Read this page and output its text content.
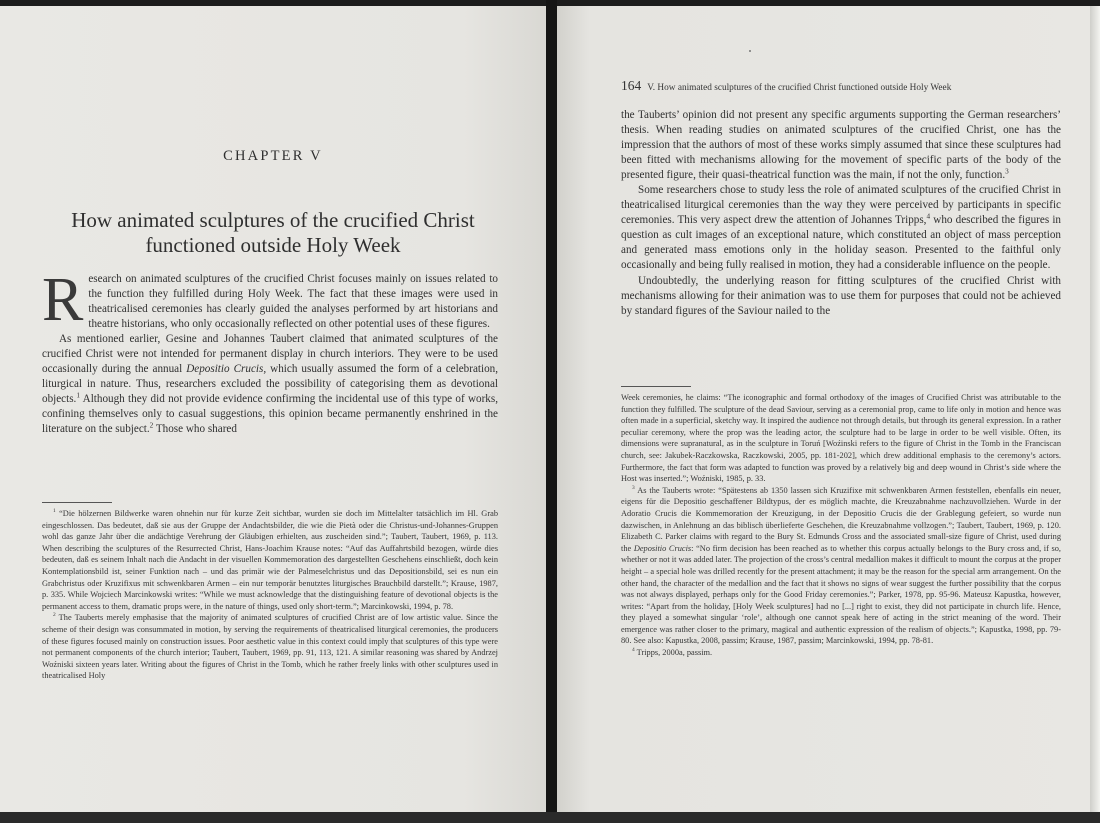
CHAPTER V
How animated sculptures of the crucified Christ functioned outside Holy Week

Research on animated sculptures of the crucified Christ focuses mainly on issues related to the function they fulfilled during Holy Week. The fact that these images were used in theatricalised ceremonies has clearly guided the analyses performed by art historians and theatre historians, who only occasionally reflected on other potential uses of these figures.

As mentioned earlier, Gesine and Johannes Taubert claimed that animated sculptures of the crucified Christ were not intended for permanent display in church interiors. They were to be used occasionally during the annual Depositio Crucis, which usually assumed the form of a celebration, liturgical in nature. Thus, researchers excluded the possibility of categorising them as devotional objects.$^1$ Although they did not provide evidence confirming the incidental use of this type of works, confining themselves only to casual suggestions, this opinion became permanently enshrined in the literature on the subject.$^2$ Those who shared

$^1$ “Die hölzernen Bildwerke waren ohnehin nur für kurze Zeit sichtbar, wurden sie doch im Mittelalter tatsächlich im Hl. Grab eingeschlossen. Das bedeutet, daß sie aus der Gruppe der Andachtsbilder, die wie die Pietà oder die Christus-und-Johannes-Gruppen wohl das ganze Jahr über die andächtige Verehrung der Gläubigen erhielten, aus zuscheiden sind.”; Taubert, Taubert, 1969, p. 113. When describing the sculptures of the Resurrected Christ, Hans-Joachim Krause notes: “Auf das Auffahrtsbild bezogen, würde dies bedeuten, daß es seinem Inhalt nach die Andacht in der visuellen Kommemoration des dargestellten Geschehens einschließt, doch kein Kontemplationsbild ist, seiner Funktion nach – und das primär wie der Palmeselchristus und das Depositionsbild, sei es nun ein Grabchristus oder Kruzifixus mit schwenkbaren Armen – ein nur temporär benutztes liturgisches Brauchbild darstellt.”; Krause, 1987, p. 335. While Wojciech Marcinkowski writes: “While we must acknowledge that the distinguishing feature of devotional objects is the permanent access to them, dramatic props were, in the nature of things, used only short-term.”; Marcinkowski, 1994, p. 78.

$^2$ The Tauberts merely emphasise that the majority of animated sculptures of crucified Christ are of low artistic value. Since the scheme of their design was consummated in motion, by serving the requirements of theatricalised liturgical ceremonies, the producers of these figures focused mainly on construction issues. Poor aesthetic value in this context could imply that sculptures of this type were not permanent components of the church interior; Taubert, Taubert, 1969, pp. 91, 113, 121. A similar reasoning was shared by Andrzej Woźniski sixteen years later. Writing about the figures of Christ in the Tomb, which he rather freely links with other sculptures used in theatricalised Holy

164 V. How animated sculptures of the crucified Christ functioned outside Holy Week

the Tauberts’ opinion did not present any specific arguments supporting the German researchers’ thesis. When reading studies on animated sculptures of the crucified Christ, one has the impression that the authors of most of these works simply assumed that since these sculptures had been fitted with mechanisms allowing for the movement of specific parts of the body of the presented figure, their quasi-theatrical function was the main, if not the only, function.$^3$

Some researchers chose to study less the role of animated sculptures of the crucified Christ in theatricalised liturgical ceremonies than the way they were perceived by participants in specific ceremonies. This very aspect drew the attention of Johannes Tripps,$^4$ who described the figures in question as cult images of an exceptional nature, which constituted an object of mass perception and generated mass emotions only in the holiday season. Presented to the faithful only occasionally and being fully realised in motion, they had a considerable influence on the people.

Undoubtedly, the underlying reason for fitting sculptures of the crucified Christ with mechanisms allowing for their animation was to use them for purposes that could not be achieved by standard figures of the Saviour nailed to the

Week ceremonies, he claims: “The iconographic and formal orthodoxy of the images of Crucified Christ was attributable to the function they fulfilled. The sculpture of the dead Saviour, serving as a ceremonial prop, came to life only in motion and hence was often made in a superficial, sketchy way. It inspired the audience not through details, but through its general expression. In a rather peculiar ceremony, where the prop was the leading actor, the sculpture had to be large in order to be well visible. Often, its dimensions were supranatural, as in the sculpture in Toruń [Woźinski refers to the figure of Christ in the Tomb in the Franciscan church, see: Jakubek-Raczkowska, Raczkowski, 2005, pp. 181-202], which drew additional emphasis to the ceremony’s actors. Furthermore, the fact that form was adapted to function was proved by a relatively big and deep wound in Christ’s side where the Host was inserted.”; Woźniski, 1985, p. 33.

$^3$ As the Tauberts wrote: “Spätestens ab 1350 lassen sich Kruzifixe mit schwenkbaren Armen feststellen, ebenfalls ein neuer, eigens für die Depositio geschaffener Bildtypus, der es möglich machte, die Kreuzabnahme nachzuvollziehen. Wurde in der Adoratio Crucis die Kommemoration der Kreuzigung, in der Depositio Crucis die der Grablegung gefeiert, so wurde nun dazwischen, in Anlehnung an das biblisch überlieferte Geschehen, die Kreuzabnahme vollzogen.”; Taubert, Taubert, 1969, p. 120. Elizabeth C. Parker claims with regard to the Bury St. Edmunds Cross and the associated small-size figure of Christ, used during the Depositio Crucis: “No firm decision has been reached as to whether this corpus actually belongs to the Bury cross and, if so, whether or not it was added later. The projection of the cross’s central medallion makes it difficult to mount the corpus at the proper height – a special hole was drilled recently for the present attachment; it may be the reason for the special arm arrangement. On the other hand, the character of the medallion and the fact that it shows no signs of wear suggest the further possibility that the corpus was not always displayed, perhaps only for the Good Friday ceremonies.”; Parker, 1978, pp. 95-96. Mateusz Kapustka, however, writes: “Apart from the holiday, [Holy Week sculptures] had no [...] right to exist, they did not participate in church life. Hence, they played a somewhat singular ‘role’, although one cannot speak here of acting in the strict meaning of the word. Their emergence was rather closer to the primary, magical and authentic expression of the realism of objects.”; Kapustka, 1998, pp. 79-80. See also: Kapustka, 2008, passim; Krause, 1987, passim; Marcinkowski, 1994, pp. 78-81.

$^4$ Tripps, 2000a, passim.
